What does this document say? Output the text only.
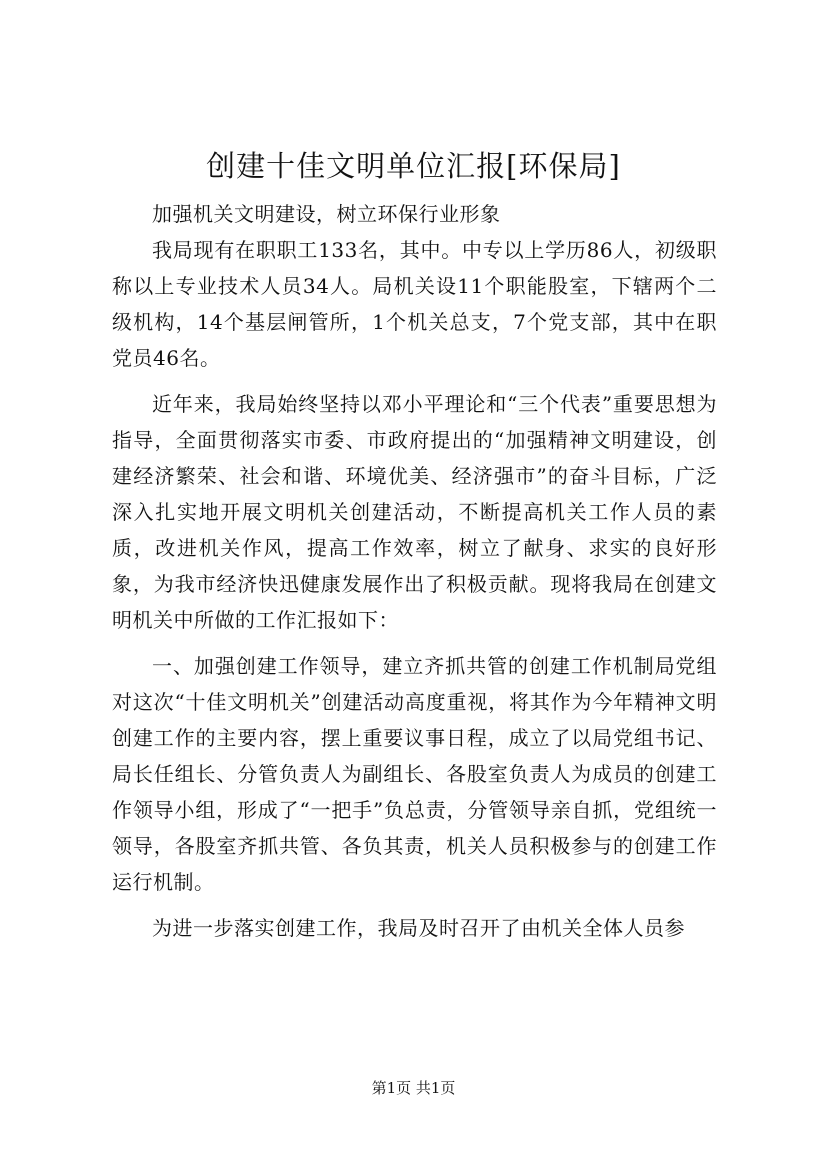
创建十佳文明单位汇报[环保局]

加强机关文明建设，树立环保行业形象

我局现有在职职工133名，其中。中专以上学历86人，初级职称以上专业技术人员34人。局机关设11个职能股室，下辖两个二级机构，14个基层闸管所，1个机关总支，7个党支部，其中在职党员46名。

近年来，我局始终坚持以邓小平理论和“三个代表”重要思想为指导，全面贯彻落实市委、市政府提出的“加强精神文明建设，创建经济繁荣、社会和谐、环境优美、经济强市”的奋斗目标，广泛深入扎实地开展文明机关创建活动，不断提高机关工作人员的素质，改进机关作风，提高工作效率，树立了献身、求实的良好形象，为我市经济快迅健康发展作出了积极贡献。现将我局在创建文明机关中所做的工作汇报如下：

一、加强创建工作领导，建立齐抓共管的创建工作机制局党组对这次“十佳文明机关”创建活动高度重视，将其作为今年精神文明创建工作的主要内容，摆上重要议事日程，成立了以局党组书记、局长任组长、分管负责人为副组长、各股室负责人为成员的创建工作领导小组，形成了“一把手”负总责，分管领导亲自抓，党组统一领导，各股室齐抓共管、各负其责，机关人员积极参与的创建工作运行机制。

为进一步落实创建工作，我局及时召开了由机关全体人员参

第1页 共1页
